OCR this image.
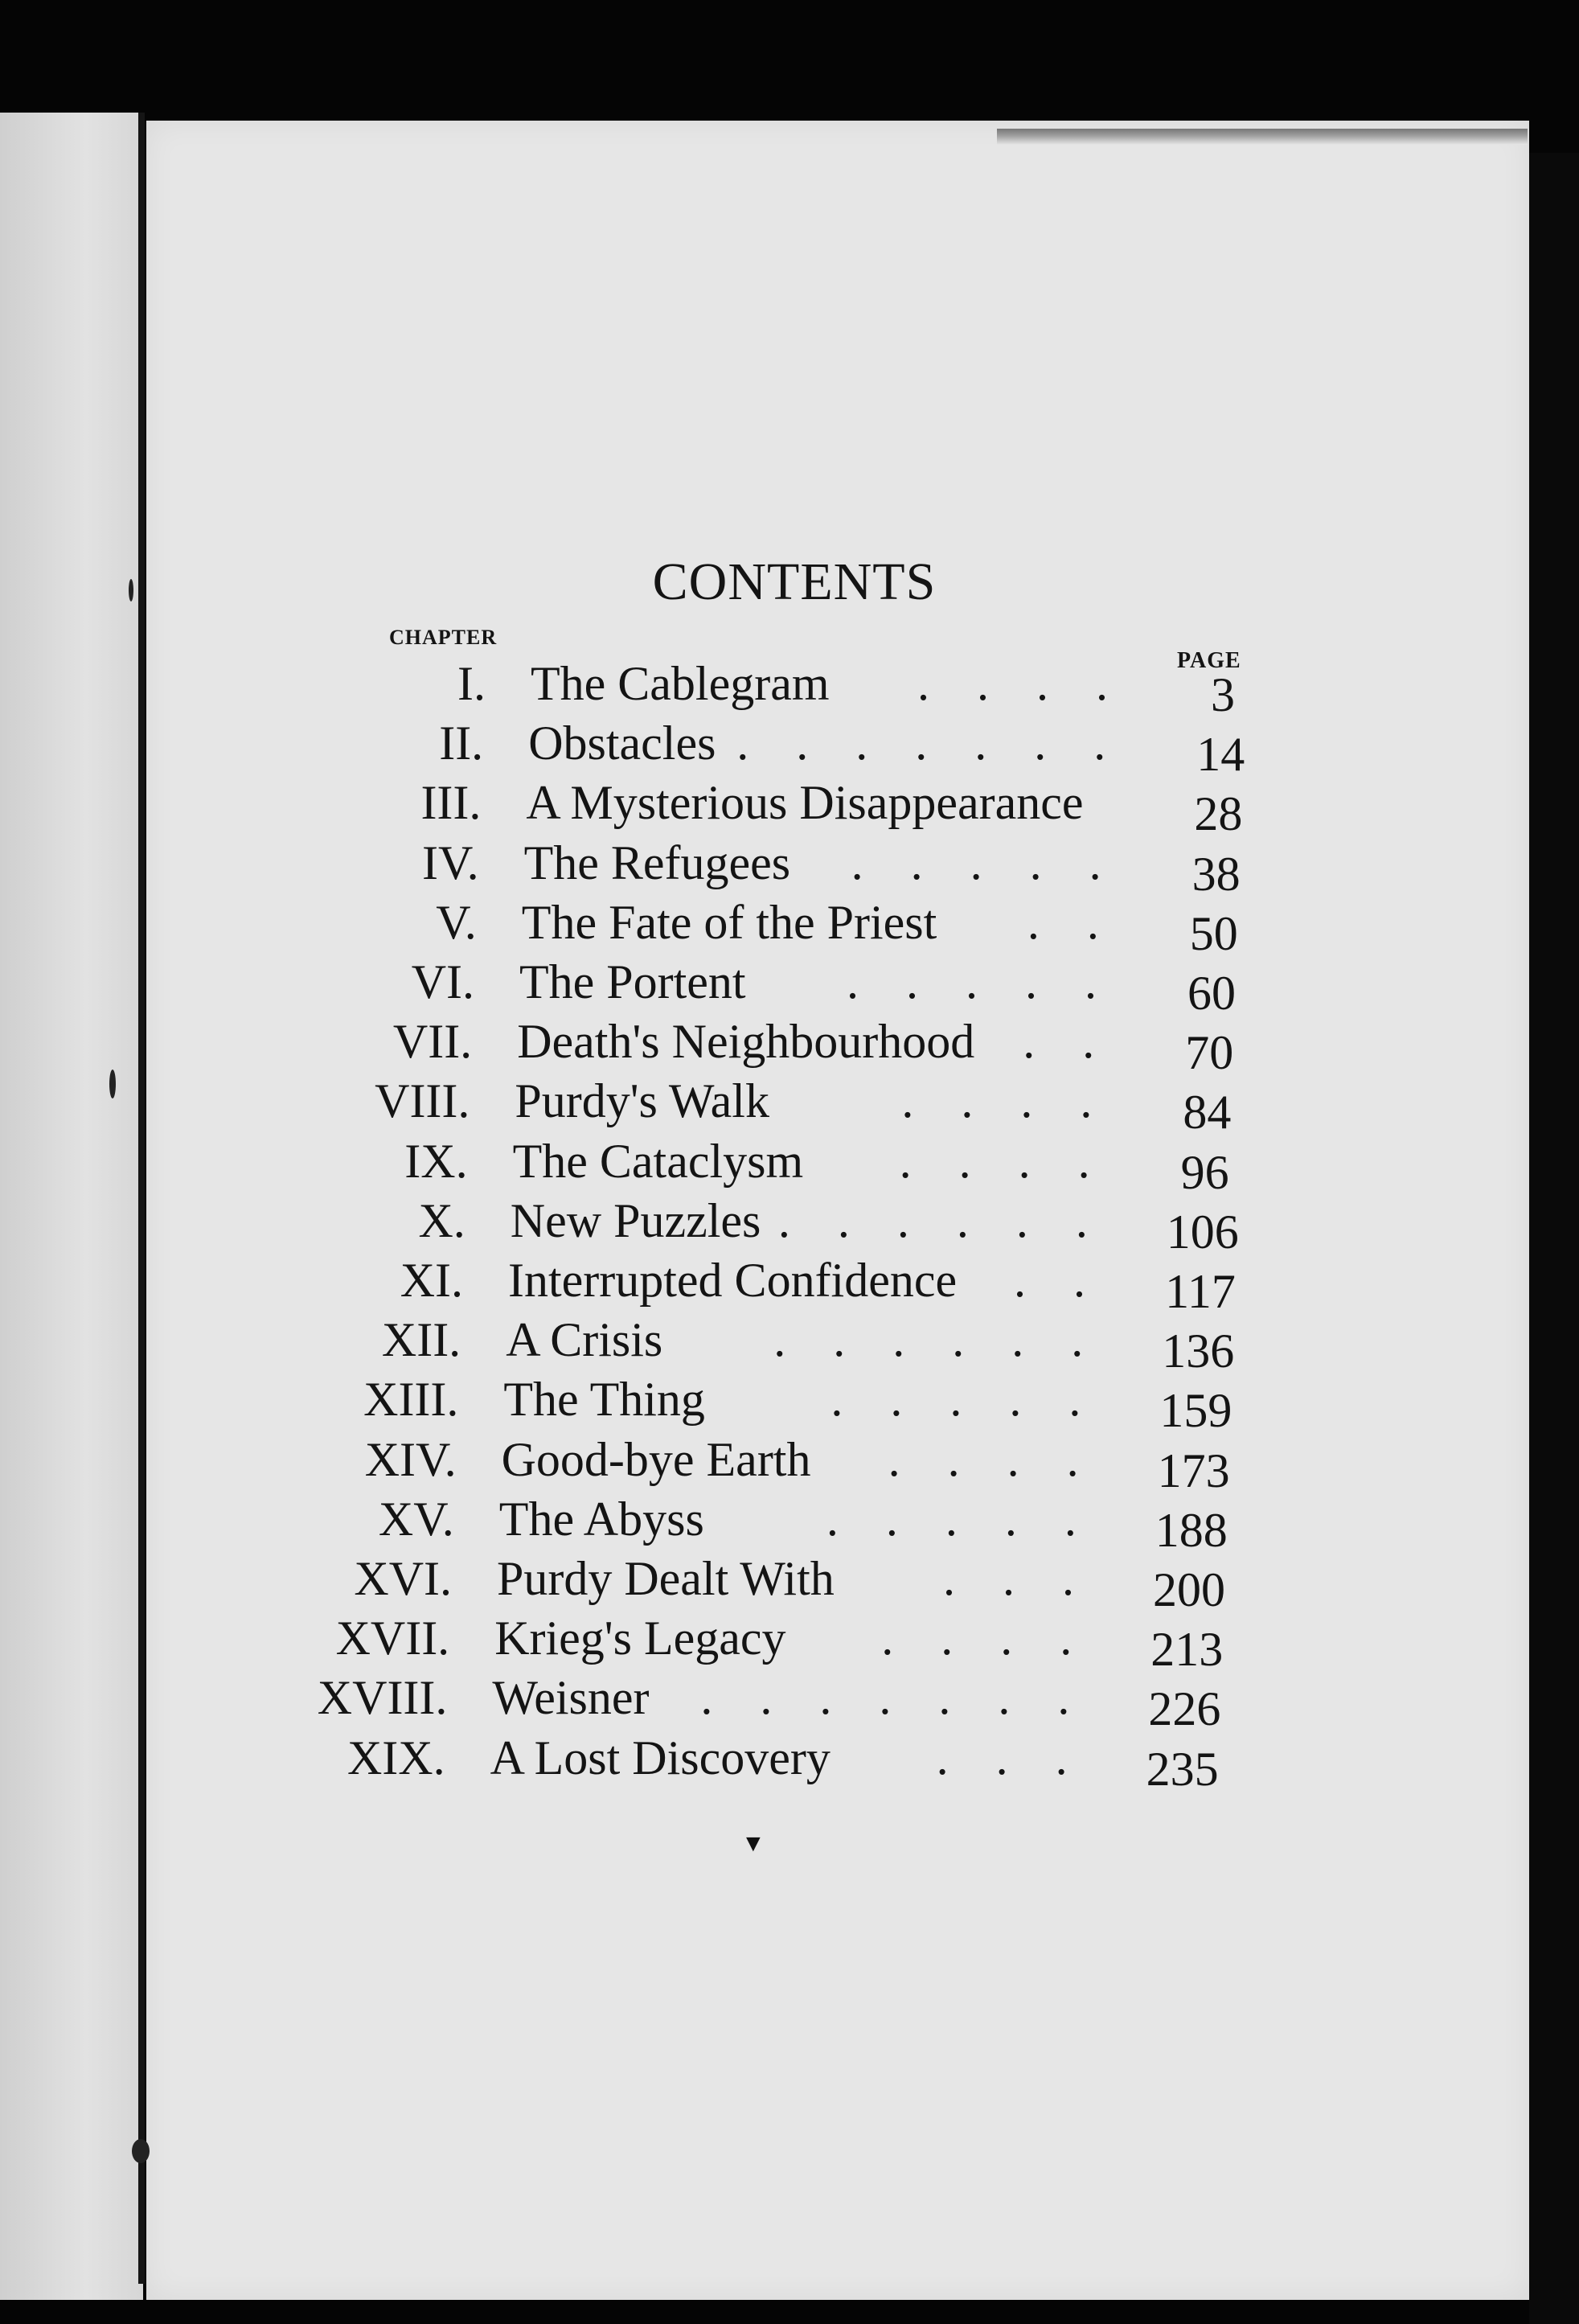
CONTENTS
CHAPTER
PAGE
I. The Cablegram . . . .	3
II. Obstacles . . . . . . .	14
III. A Mysterious Disappearance	28
IV. The Refugees . . . . .	38
V. The Fate of the Priest . .	50
VI. The Portent . . . . .	60
VII. Death's Neighbourhood . .	70
VIII. Purdy's Walk	. . . .	84
IX. The Cataclysm . . . .	96
X. New Puzzles . . . . . .	106
XI. Interrupted Confidence . .	117
XII. A Crisis . . . . . .	136
XIII. The Thing	. . . . .	159
XIV. Good-bye Earth . . . .	173
XV. The Abyss	. . . . .	188
XVI. Purdy Dealt With . . .	200
XVII. Krieg's Legacy . . . .	213
XVIII. Weisner . . . . . . .	226
XIX. A Lost Discovery . . .	235
▼
